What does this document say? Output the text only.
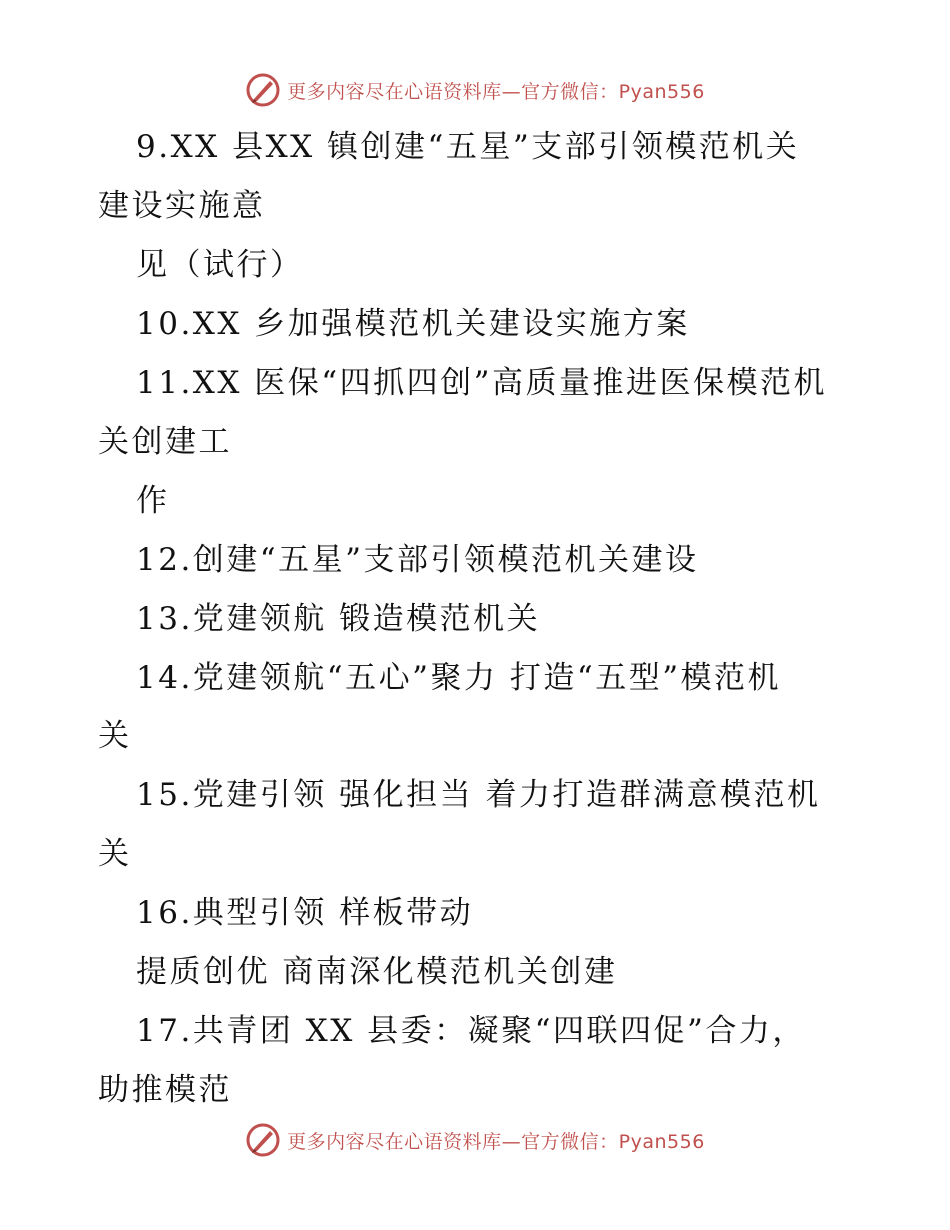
更多内容尽在心语资料库—官方微信：Pyan556
9.XX 县XX 镇创建“五星”支部引领模范机关
建设实施意
见（试行）
10.XX 乡加强模范机关建设实施方案
11.XX 医保“四抓四创”高质量推进医保模范机
关创建工
作
12.创建“五星”支部引领模范机关建设
13.党建领航 锻造模范机关
14.党建领航“五心”聚力 打造“五型”模范机
关
15.党建引领 强化担当 着力打造群满意模范机
关
16.典型引领 样板带动
提质创优 商南深化模范机关创建
17.共青团 XX 县委：凝聚“四联四促”合力，
助推模范
更多内容尽在心语资料库—官方微信：Pyan556
